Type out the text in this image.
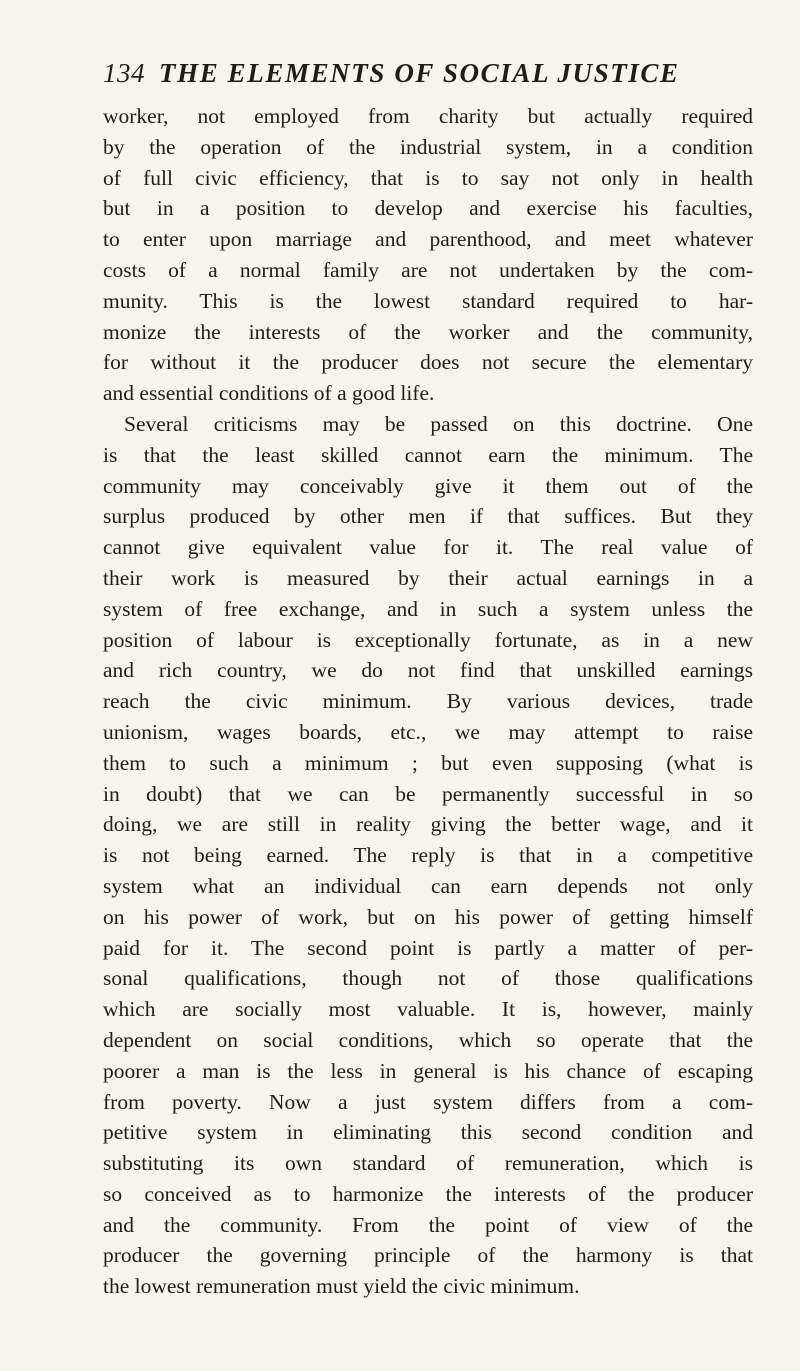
134 THE ELEMENTS OF SOCIAL JUSTICE
worker, not employed from charity but actually required
by the operation of the industrial system, in a condition
of full civic efficiency, that is to say not only in health
but in a position to develop and exercise his faculties,
to enter upon marriage and parenthood, and meet whatever
costs of a normal family are not undertaken by the com-
munity. This is the lowest standard required to har-
monize the interests of the worker and the community,
for without it the producer does not secure the elementary
and essential conditions of a good life.
Several criticisms may be passed on this doctrine. One
is that the least skilled cannot earn the minimum. The
community may conceivably give it them out of the
surplus produced by other men if that suffices. But they
cannot give equivalent value for it. The real value of
their work is measured by their actual earnings in a
system of free exchange, and in such a system unless the
position of labour is exceptionally fortunate, as in a new
and rich country, we do not find that unskilled earnings
reach the civic minimum. By various devices, trade
unionism, wages boards, etc., we may attempt to raise
them to such a minimum ; but even supposing (what is
in doubt) that we can be permanently successful in so
doing, we are still in reality giving the better wage, and it
is not being earned. The reply is that in a competitive
system what an individual can earn depends not only
on his power of work, but on his power of getting himself
paid for it. The second point is partly a matter of per-
sonal qualifications, though not of those qualifications
which are socially most valuable. It is, however, mainly
dependent on social conditions, which so operate that the
poorer a man is the less in general is his chance of escaping
from poverty. Now a just system differs from a com-
petitive system in eliminating this second condition and
substituting its own standard of remuneration, which is
so conceived as to harmonize the interests of the producer
and the community. From the point of view of the
producer the governing principle of the harmony is that
the lowest remuneration must yield the civic minimum.
